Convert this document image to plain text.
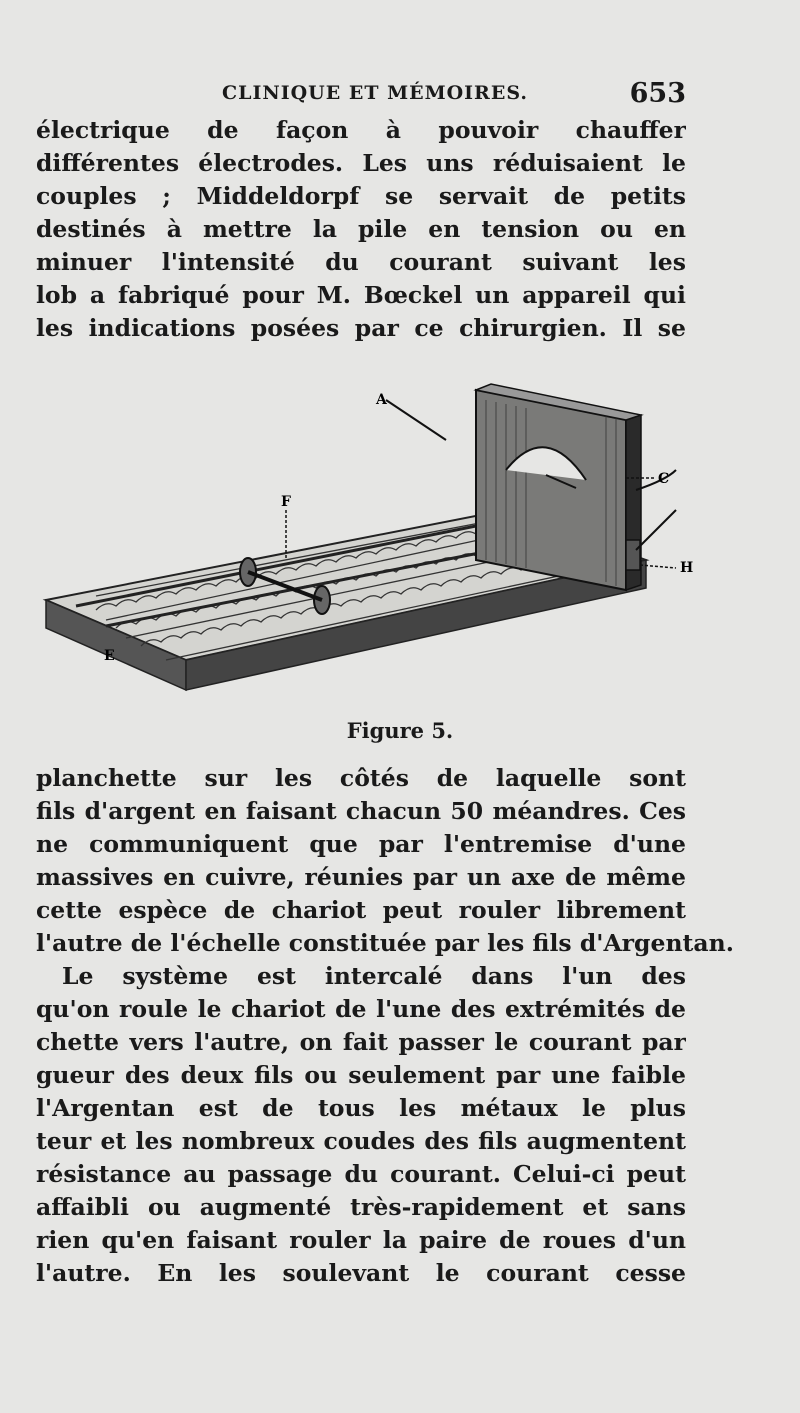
CLINIQUE ET MÉMOIRES.	653
électrique de façon à pouvoir chauffer
différentes électrodes. Les uns réduisaient le
couples ; Middeldorpf se servait de petits
destinés à mettre la pile en tension ou en
minuer l'intensité du courant suivant les
lob a fabriqué pour M. Bœckel un appareil qui
les indications posées par ce chirurgien. Il se
A
C
E
F
H
Figure 5.
planchette sur les côtés de laquelle sont
fils d'argent en faisant chacun 50 méandres. Ces
ne communiquent que par l'entremise d'une
massives en cuivre, réunies par un axe de même
cette espèce de chariot peut rouler librement
l'autre de l'échelle constituée par les fils d'Argentan.
Le système est intercalé dans l'un des
qu'on roule le chariot de l'une des extrémités de
chette vers l'autre, on fait passer le courant par
gueur des deux fils ou seulement par une faible
l'Argentan est de tous les métaux le plus
teur et les nombreux coudes des fils augmentent
résistance au passage du courant. Celui-ci peut
affaibli ou augmenté très-rapidement et sans
rien qu'en faisant rouler la paire de roues d'un
l'autre. En les soulevant le courant cesse
